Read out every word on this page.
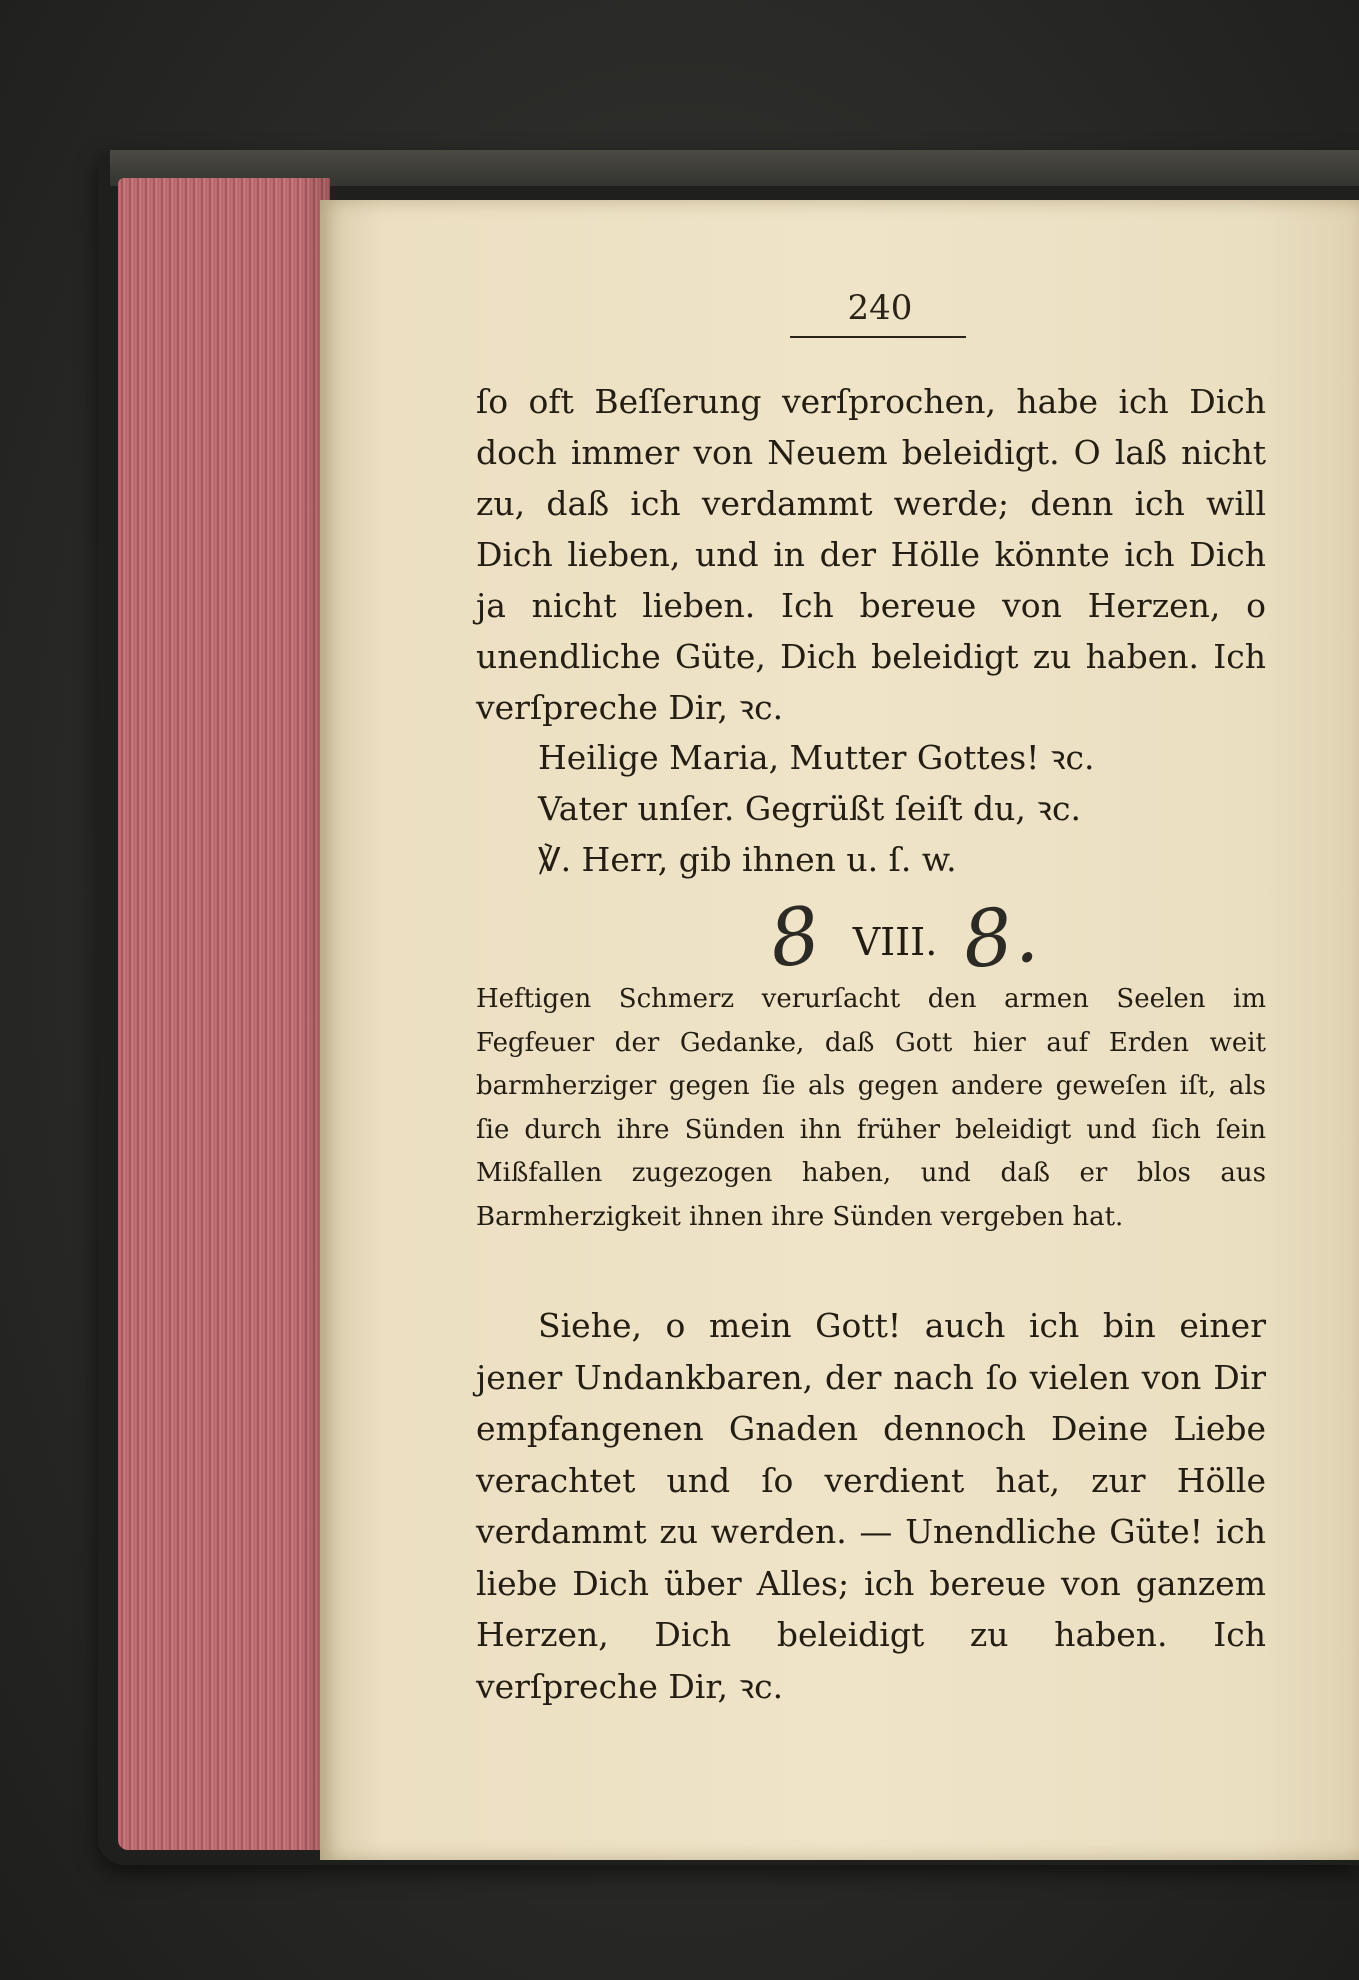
240

ſo oft Beſſerung verſprochen, habe ich Dich doch immer von Neuem beleidigt. O laß nicht zu, daß ich verdammt werde; denn ich will Dich lieben, und in der Hölle könnte ich Dich ja nicht lieben. Ich bereue von Herzen, o unendliche Güte, Dich beleidigt zu haben. Ich verſpreche Dir, ꝛc.

Heilige Maria, Mutter Gottes! ꝛc.
Vater unſer. Gegrüßt ſeiſt du, ꝛc.
℣. Herr, gib ihnen u. ſ. w.
8 VIII. 8.

Heftigen Schmerz verurſacht den armen Seelen im Fegfeuer der Gedanke, daß Gott hier auf Erden weit barmherziger gegen ſie als gegen andere geweſen iſt, als ſie durch ihre Sünden ihn früher beleidigt und ſich ſein Mißfallen zugezogen haben, und daß er blos aus Barmherzigkeit ihnen ihre Sünden vergeben hat.

Siehe, o mein Gott! auch ich bin einer jener Undankbaren, der nach ſo vielen von Dir empfangenen Gnaden dennoch Deine Liebe verachtet und ſo verdient hat, zur Hölle verdammt zu werden. — Unendliche Güte! ich liebe Dich über Alles; ich bereue von ganzem Herzen, Dich beleidigt zu haben. Ich verſpreche Dir, ꝛc.
